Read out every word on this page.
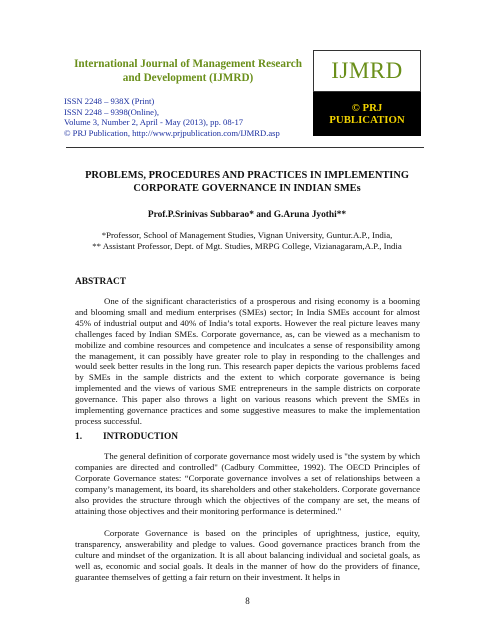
International Journal of Management Research and Development (IJMRD)
ISSN 2248 – 938X (Print)
ISSN 2248 – 9398(Online),
Volume 3, Number 2, April - May (2013), pp. 08-17
© PRJ Publication, http://www.prjpublication.com/IJMRD.asp
IJMRD
© PRJ
PUBLICATION
PROBLEMS, PROCEDURES AND PRACTICES IN IMPLEMENTING CORPORATE GOVERNANCE IN INDIAN SMEs
Prof.P.Srinivas Subbarao* and G.Aruna Jyothi**
*Professor, School of Management Studies, Vignan University, Guntur.A.P., India,
** Assistant Professor, Dept. of Mgt. Studies, MRPG College, Vizianagaram,A.P., India
ABSTRACT
One of the significant characteristics of a prosperous and rising economy is a booming and blooming small and medium enterprises (SMEs) sector; In India SMEs account for almost 45% of industrial output and 40% of India’s total exports. However the real picture leaves many challenges faced by Indian SMEs. Corporate governance, as, can be viewed as a mechanism to mobilize and combine resources and competence and inculcates a sense of responsibility among the management, it can possibly have greater role to play in responding to the challenges and would seek better results in the long run. This research paper depicts the various problems faced by SMEs in the sample districts and the extent to which corporate governance is being implemented and the views of various SME entrepreneurs in the sample districts on corporate governance. This paper also throws a light on various reasons which prevent the SMEs in implementing governance practices and some suggestive measures to make the implementation process successful.
1. INTRODUCTION
The general definition of corporate governance most widely used is "the system by which companies are directed and controlled" (Cadbury Committee, 1992). The OECD Principles of Corporate Governance states: “Corporate governance involves a set of relationships between a company’s management, its board, its shareholders and other stakeholders. Corporate governance also provides the structure through which the objectives of the company are set, the means of attaining those objectives and their monitoring performance is determined."
Corporate Governance is based on the principles of uprightness, justice, equity, transparency, answerability and pledge to values. Good governance practices branch from the culture and mindset of the organization. It is all about balancing individual and societal goals, as well as, economic and social goals. It deals in the manner of how do the providers of finance, guarantee themselves of getting a fair return on their investment. It helps in
8
